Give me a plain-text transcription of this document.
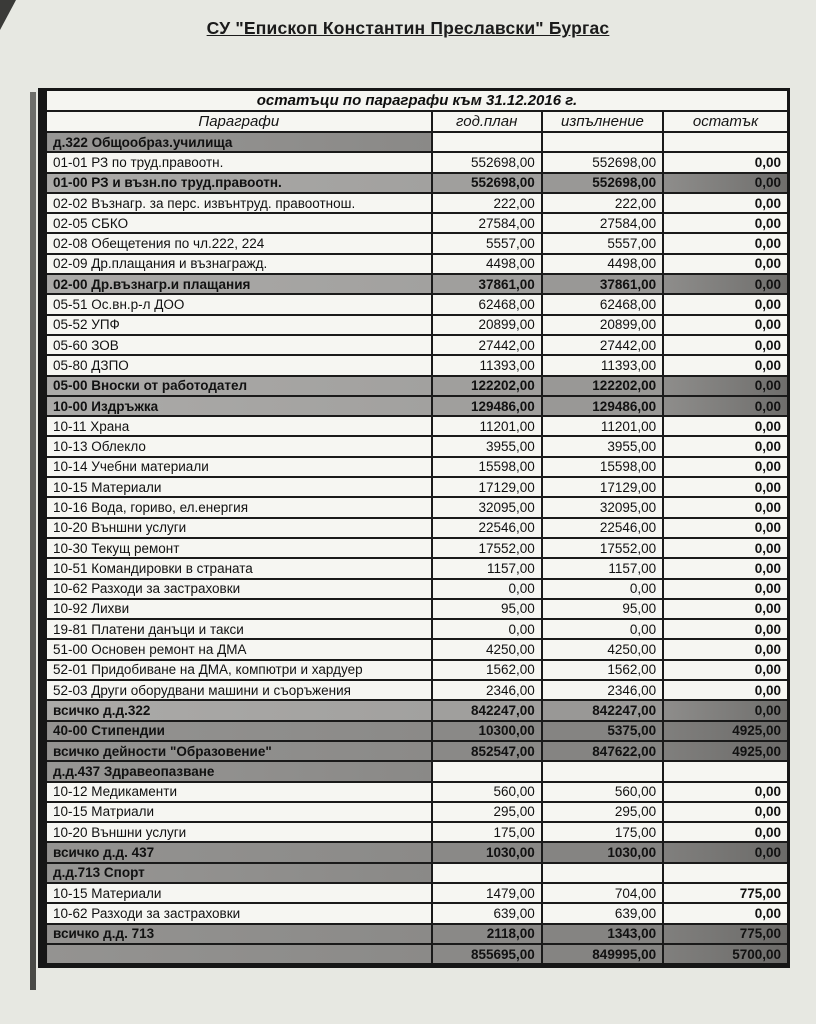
СУ "Епископ Константин Преславски" Бургас
остатъци по параграфи към 31.12.2016 г.			
Параграфи	год.план	изпълнение	остатък
д.322 Общообраз.училища			
01-01 РЗ по труд.правоотн.	552698,00	552698,00	0,00
01-00 РЗ и възн.по труд.правоотн.	552698,00	552698,00	0,00
02-02 Възнагр. за перс. извънтруд. правоотнош.	222,00	222,00	0,00
02-05 СБКО	27584,00	27584,00	0,00
02-08 Обещетения по чл.222, 224	5557,00	5557,00	0,00
02-09 Др.плащания и възнагражд.	4498,00	4498,00	0,00
02-00 Др.възнагр.и плащания	37861,00	37861,00	0,00
05-51 Ос.вн.р-л ДОО	62468,00	62468,00	0,00
05-52 УПФ	20899,00	20899,00	0,00
05-60 ЗОВ	27442,00	27442,00	0,00
05-80 ДЗПО	11393,00	11393,00	0,00
05-00 Вноски от работодател	122202,00	122202,00	0,00
10-00 Издръжка	129486,00	129486,00	0,00
10-11 Храна	11201,00	11201,00	0,00
10-13 Облекло	3955,00	3955,00	0,00
10-14 Учебни материали	15598,00	15598,00	0,00
10-15 Материали	17129,00	17129,00	0,00
10-16 Вода, гориво, ел.енергия	32095,00	32095,00	0,00
10-20 Външни услуги	22546,00	22546,00	0,00
10-30 Текущ ремонт	17552,00	17552,00	0,00
10-51 Командировки в страната	1157,00	1157,00	0,00
10-62 Разходи за застраховки	0,00	0,00	0,00
10-92 Лихви	95,00	95,00	0,00
19-81 Платени данъци и такси	0,00	0,00	0,00
51-00 Основен ремонт на ДМА	4250,00	4250,00	0,00
52-01 Придобиване на ДМА, компютри и хардуер	1562,00	1562,00	0,00
52-03 Други оборудвани машини и съоръжения	2346,00	2346,00	0,00
всичко д.д.322	842247,00	842247,00	0,00
40-00 Стипендии	10300,00	5375,00	4925,00
всичко дейности "Образовение"	852547,00	847622,00	4925,00
д.д.437 Здравеопазване			
10-12 Медикаменти	560,00	560,00	0,00
10-15 Матриали	295,00	295,00	0,00
10-20 Външни услуги	175,00	175,00	0,00
всичко д.д. 437	1030,00	1030,00	0,00
д.д.713 Спорт			
10-15 Материали	1479,00	704,00	775,00
10-62 Разходи за застраховки	639,00	639,00	0,00
всичко д.д. 713	2118,00	1343,00	775,00
	855695,00	849995,00	5700,00
